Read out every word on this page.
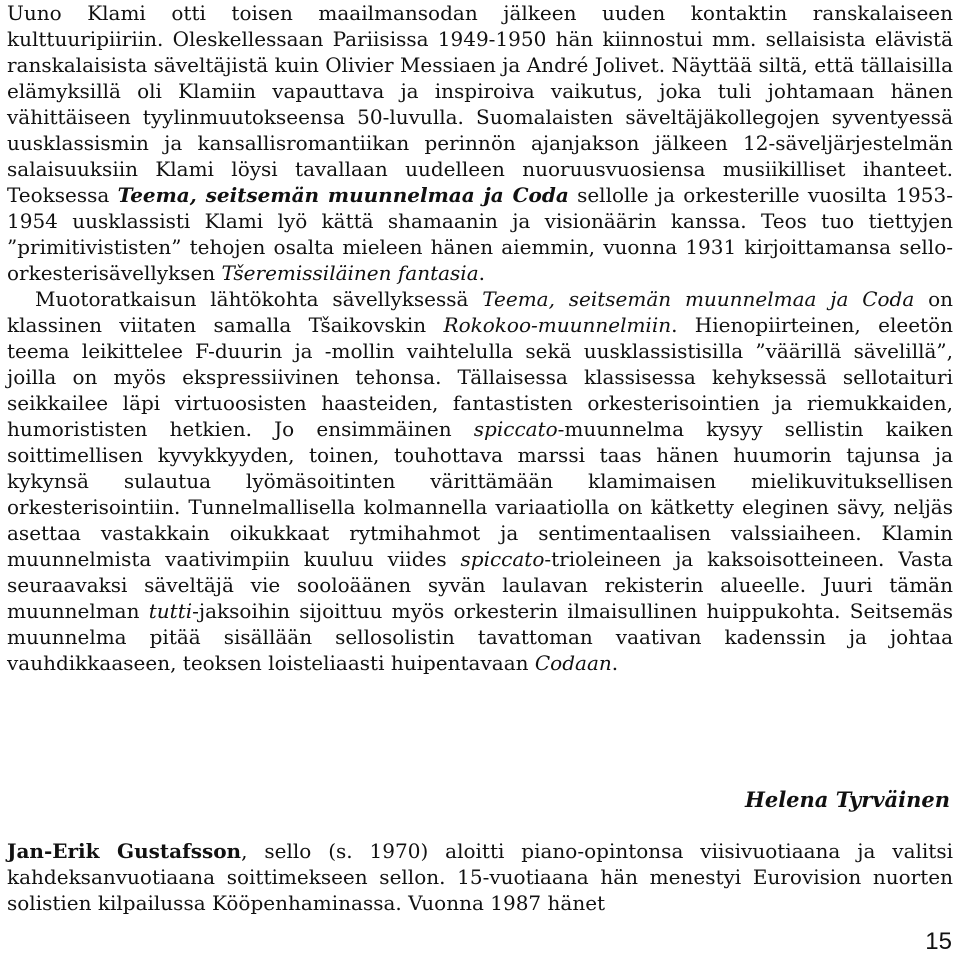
Uuno Klami otti toisen maailmansodan jälkeen uuden kontaktin ranskalaiseen kulttuuripiiriin. Oleskellessaan Pariisissa 1949-1950 hän kiinnostui mm. sellaisista elävistä ranskalaisista säveltäjistä kuin Olivier Messiaen ja André Jolivet. Näyttää siltä, että tällaisilla elämyksillä oli Klamiin vapauttava ja inspiroiva vaikutus, joka tuli johtamaan hänen vähittäiseen tyylinmuutokseensa 50-luvulla. Suomalaisten säveltäjäkollegojen syventyessä uusklassismin ja kansallisromantiikan perinnön ajanjakson jälkeen 12-säveljärjestelmän salaisuuksiin Klami löysi tavallaan uudelleen nuoruusvuosiensa musiikilliset ihanteet. Teoksessa Teema, seitsemän muunnelmaa ja Coda sellolle ja orkesterille vuosilta 1953-1954 uusklassisti Klami lyö kättä shamaanin ja visionäärin kanssa. Teos tuo tiettyjen ”primitivististen” tehojen osalta mieleen hänen aiemmin, vuonna 1931 kirjoittamansa sello-orkesterisävellyksen Tšeremissiläinen fantasia.

Muotoratkaisun lähtökohta sävellyksessä Teema, seitsemän muunnelmaa ja Coda on klassinen viitaten samalla Tšaikovskin Rokokoo-muunnelmiin. Hienopiirteinen, eleetön teema leikittelee F-duurin ja -mollin vaihtelulla sekä uusklassistisilla ”väärillä sävelillä”, joilla on myös ekspressiivinen tehonsa. Tällaisessa klassisessa kehyksessä sellotaituri seikkailee läpi virtuoosisten haasteiden, fantastisten orkesterisointien ja riemukkaiden, humorististen hetkien. Jo ensimmäinen spiccato-muunnelma kysyy sellistin kaiken soittimellisen kyvykkyyden, toinen, touhottava marssi taas hänen huumorin tajunsa ja kykynsä sulautua lyömäsoitinten värittämään klamimaisen mielikuvituksellisen orkesterisointiin. Tunnelmallisella kolmannella variaatiolla on kätketty eleginen sävy, neljäs asettaa vastakkain oikukkaat rytmihahmot ja sentimentaalisen valssiaiheen. Klamin muunnelmista vaativimpiin kuuluu viides spiccato-trioleineen ja kaksoisotteineen. Vasta seuraavaksi säveltäjä vie sooloäänen syvän laulavan rekisterin alueelle. Juuri tämän muunnelman tutti-jaksoihin sijoittuu myös orkesterin ilmaisullinen huippukohta. Seitsemäs muunnelma pitää sisällään sellosolistin tavattoman vaativan kadenssin ja johtaa vauhdikkaaseen, teoksen loisteliaasti huipentavaan Codaan.

Helena Tyrväinen

Jan-Erik Gustafsson, sello (s. 1970) aloitti piano-opintonsa viisivuotiaana ja valitsi kahdeksanvuotiaana soittimekseen sellon. 15-vuotiaana hän menestyi Eurovision nuorten solistien kilpailussa Kööpenhaminassa. Vuonna 1987 hänet

15
